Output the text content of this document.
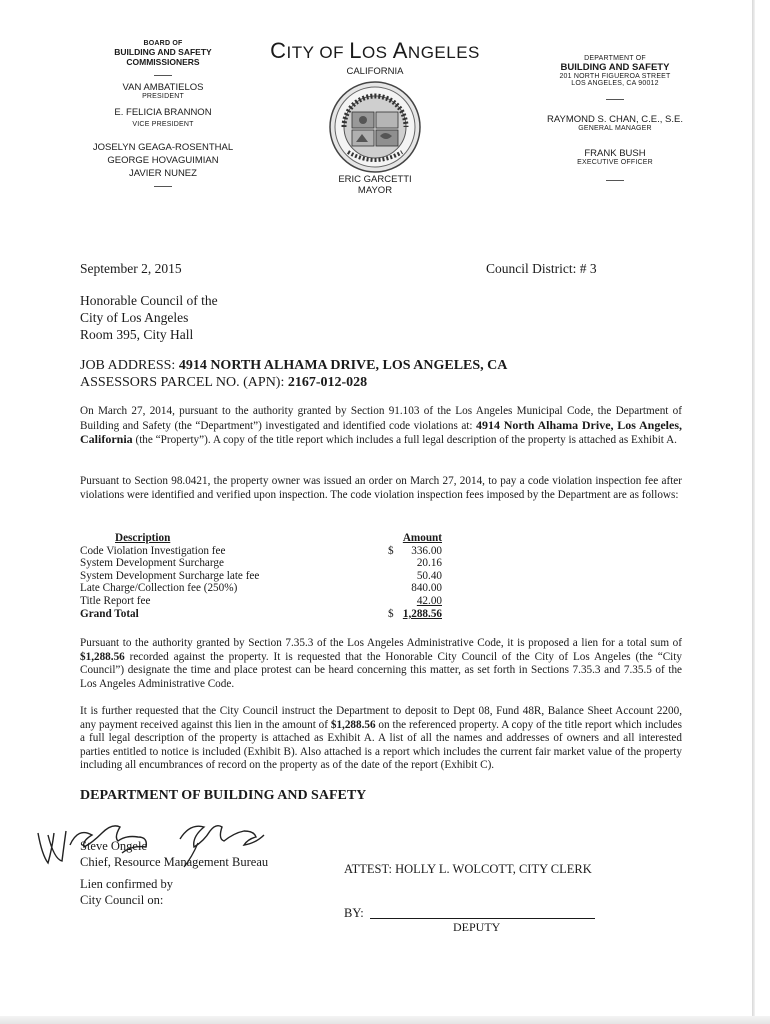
BOARD OF
BUILDING AND SAFETY
COMMISSIONERS
VAN AMBATIELOS
PRESIDENT
E. FELICIA BRANNON
VICE PRESIDENT
JOSELYN GEAGA-ROSENTHAL
GEORGE HOVAGUIMIAN
JAVIER NUNEZ
CITY OF LOS ANGELES
CALIFORNIA
ERIC GARCETTI
MAYOR
DEPARTMENT OF
BUILDING AND SAFETY
201 NORTH FIGUEROA STREET
LOS ANGELES, CA 90012
RAYMOND S. CHAN, C.E., S.E.
GENERAL MANAGER
FRANK BUSH
EXECUTIVE OFFICER
September 2, 2015	Council District: # 3
Honorable Council of the
City of Los Angeles
Room 395, City Hall
JOB ADDRESS: 4914 NORTH ALHAMA DRIVE, LOS ANGELES, CA
ASSESSORS PARCEL NO. (APN): 2167-012-028
On March 27, 2014, pursuant to the authority granted by Section 91.103 of the Los Angeles Municipal Code, the Department of Building and Safety (the “Department”) investigated and identified code violations at: 4914 North Alhama Drive, Los Angeles, California (the “Property”). A copy of the title report which includes a full legal description of the property is attached as Exhibit A.
Pursuant to Section 98.0421, the property owner was issued an order on March 27, 2014, to pay a code violation inspection fee after violations were identified and verified upon inspection. The code violation inspection fees imposed by the Department are as follows:
Description		Amount
Code Violation Investigation fee	$	336.00
System Development Surcharge		20.16
System Development Surcharge late fee		50.40
Late Charge/Collection fee (250%)		840.00
Title Report fee		42.00
Grand Total	$	1,288.56
Pursuant to the authority granted by Section 7.35.3 of the Los Angeles Administrative Code, it is proposed a lien for a total sum of $1,288.56 recorded against the property. It is requested that the Honorable City Council of the City of Los Angeles (the “City Council”) designate the time and place protest can be heard concerning this matter, as set forth in Sections 7.35.3 and 7.35.5 of the Los Angeles Administrative Code.
It is further requested that the City Council instruct the Department to deposit to Dept 08, Fund 48R, Balance Sheet Account 2200, any payment received against this lien in the amount of $1,288.56 on the referenced property. A copy of the title report which includes a full legal description of the property is attached as Exhibit A. A list of all the names and addresses of owners and all interested parties entitled to notice is included (Exhibit B). Also attached is a report which includes the current fair market value of the property including all encumbrances of record on the property as of the date of the report (Exhibit C).
DEPARTMENT OF BUILDING AND SAFETY
Steve Ongele
Chief, Resource Management Bureau
Lien confirmed by
City Council on:
ATTEST: HOLLY L. WOLCOTT, CITY CLERK
BY:
DEPUTY
